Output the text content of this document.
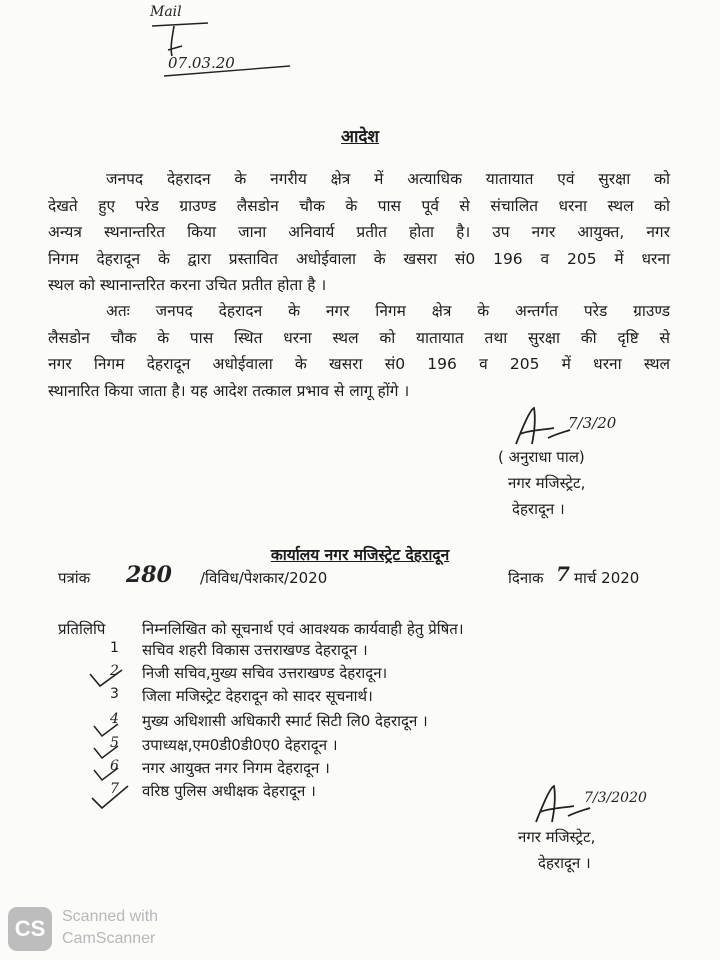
Mail
07.03.20
आदेश
जनपद देहरादन के नगरीय क्षेत्र में अत्याधिक यातायात एवं सुरक्षा को
देखते हुए परेड ग्राउण्ड लैसडोन चौक के पास पूर्व से संचालित धरना स्थल को
अन्यत्र स्थनान्तरित किया जाना अनिवार्य प्रतीत होता है। उप नगर आयुक्त, नगर
निगम देहरादून के द्वारा प्रस्तावित अधोईवाला के खसरा सं0 196 व 205 में धरना
स्थल को स्थानान्तरित करना उचित प्रतीत होता है ।
अतः जनपद देहरादन के नगर निगम क्षेत्र के अन्तर्गत परेड ग्राउण्ड
लैसडोन चौक के पास स्थित धरना स्थल को यातायात तथा सुरक्षा की दृष्टि से
नगर निगम देहरादून अधोईवाला के खसरा सं0 196 व 205 में धरना स्थल
स्थानारित किया जाता है। यह आदेश तत्काल प्रभाव से लागू होंगे ।
7/3/20
( अनुराधा पाल)
नगर मजिस्ट्रेट,
देहरादून ।
कार्यालय नगर मजिस्ट्रेट देहरादून
पत्रांक 280 /विविध/पेशकार/2020	दिनाक 7 मार्च 2020
प्रतिलिपि निम्नलिखित को सूचनार्थ एवं आवश्यक कार्यवाही हेतु प्रेषित।
1 सचिव शहरी विकास उत्तराखण्ड देहरादून ।
2 निजी सचिव,मुख्य सचिव उत्तराखण्ड देहरादून।
3 जिला मजिस्ट्रेट देहरादून को सादर सूचनार्थ।
4 मुख्य अधिशासी अधिकारी स्मार्ट सिटी लि0 देहरादून ।
5 उपाध्यक्ष,एम0डी0डी0ए0 देहरादून ।
6 नगर आयुक्त नगर निगम देहरादून ।
7 वरिष्ठ पुलिस अधीक्षक देहरादून ।	7/3/2020
नगर मजिस्ट्रेट,
देहरादून ।
CS	Scanned with
CamScanner
